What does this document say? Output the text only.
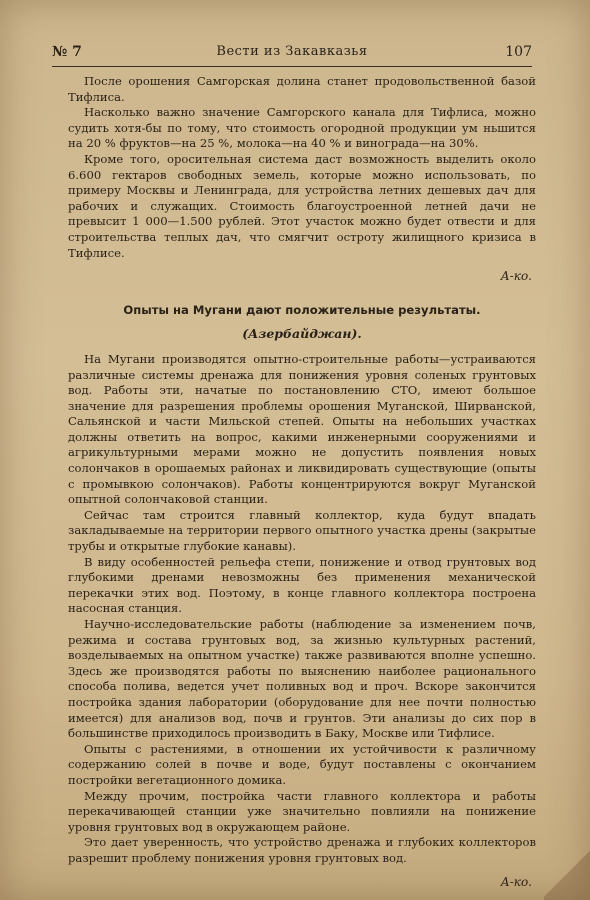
№ 7	Вести из Закавказья	107

После орошения Самгорская долина станет продовольственной базой Тифлиса.

Насколько важно значение Самгорского канала для Тифлиса, можно судить хотя-бы по тому, что стоимость огородной продукции ум ньшится на 20 % фруктов—на 25 %, молока—на 40 % и винограда—на 30%.

Кроме того, оросительная система даст возможность выделить около 6.600 гектаров свободных земель, которые можно использовать, по примеру Москвы и Ленинграда, для устройства летних дешевых дач для рабочих и служащих. Стоимость благоустроенной летней дачи не превысит 1 000—1.500 рублей. Этот участок можно будет отвести и для строительства теплых дач, что смягчит остроту жилищного кризиса в Тифлисе.

А-ко.
Опыты на Мугани дают положительные результаты.
(Азербайджан).

На Мугани производятся опытно-строительные работы—устраиваются различные системы дренажа для понижения уровня соленых грунтовых вод. Работы эти, начатые по постановлению СТО, имеют большое значение для разрешения проблемы орошения Муганской, Ширванской, Сальянской и части Мильской степей. Опыты на небольших участках должны ответить на вопрос, какими инженерными сооружениями и агрикультурными мерами можно не допустить появления новых солончаков в орошаемых районах и ликвидировать существующие (опыты с промывкою солончаков). Работы концентрируются вокруг Муганской опытной солончаковой станции.

Сейчас там строится главный коллектор, куда будут впадать закладываемые на территории первого опытного участка дрены (закрытые трубы и открытые глубокие канавы).

В виду особенностей рельефа степи, понижение и отвод грунтовых вод глубокими дренами невозможны без применения механической перекачки этих вод. Поэтому, в конце главного коллектора построена насосная станция.

Научно-исследовательские работы (наблюдение за изменением почв, режима и состава грунтовых вод, за жизнью культурных растений, возделываемых на опытном участке) также развиваются вполне успешно. Здесь же производятся работы по выяснению наиболее рационального способа полива, ведется учет поливных вод и проч. Вскоре закончится постройка здания лаборатории (оборудование для нее почти полностью имеется) для анализов вод, почв и грунтов. Эти анализы до сих пор в большинстве приходилось производить в Баку, Москве или Тифлисе.

Опыты с растениями, в отношении их устойчивости к различному содержанию солей в почве и воде, будут поставлены с окончанием постройки вегетационного домика.

Между прочим, постройка части главного коллектора и работы перекачивающей станции уже значительно повлияли на понижение уровня грунтовых вод в окружающем районе.

Это дает уверенность, что устройство дренажа и глубоких коллекторов разрешит проблему понижения уровня грунтовых вод.

А-ко.
